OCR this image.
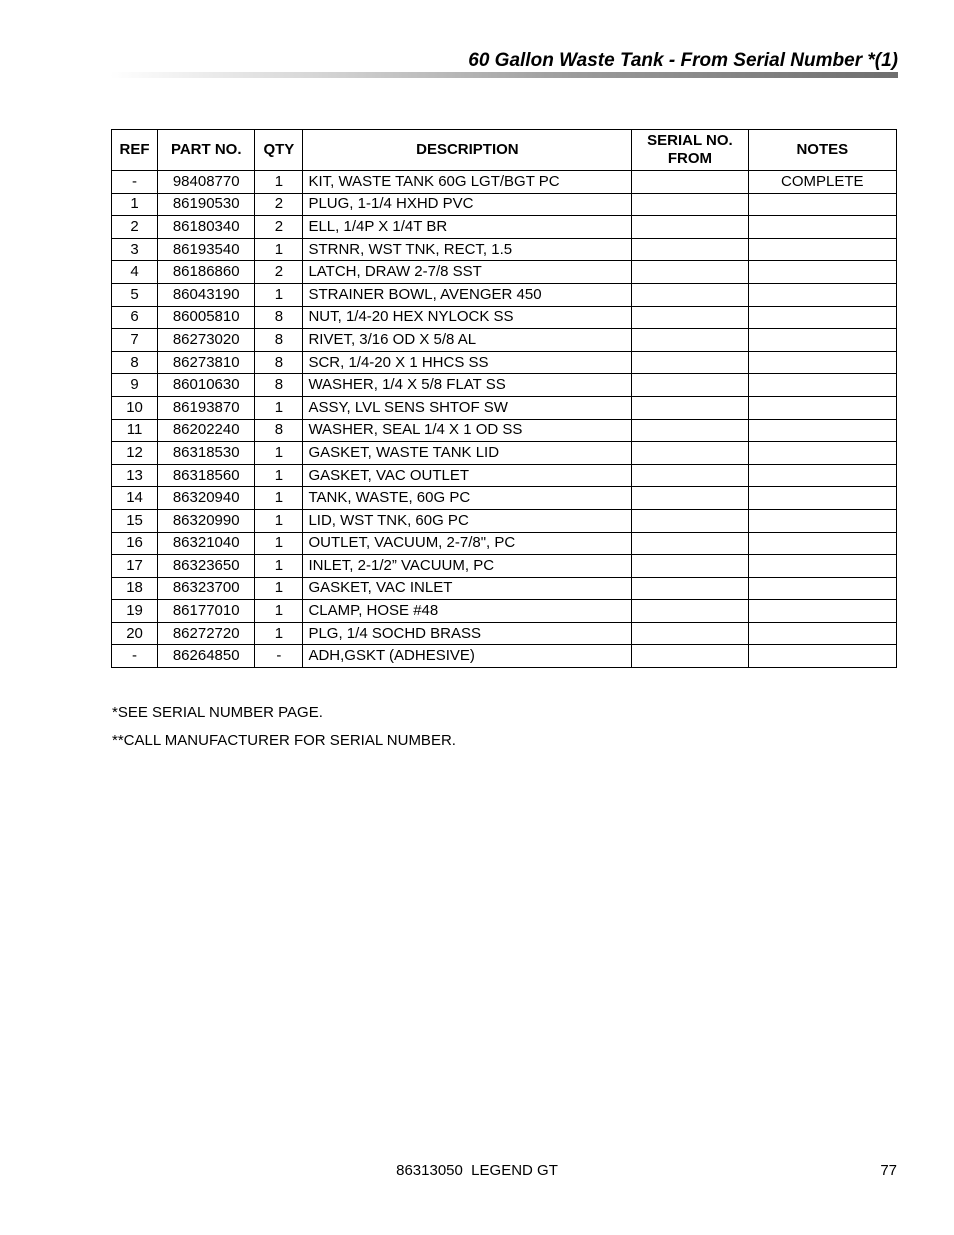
60 Gallon Waste Tank - From Serial Number *(1)
REF	PART NO.	QTY	DESCRIPTION	SERIAL NO. FROM	NOTES
-	98408770	1	KIT, WASTE TANK 60G LGT/BGT PC		COMPLETE
1	86190530	2	PLUG, 1-1/4 HXHD PVC		
2	86180340	2	ELL, 1/4P X 1/4T BR		
3	86193540	1	STRNR, WST TNK, RECT, 1.5		
4	86186860	2	LATCH, DRAW 2-7/8 SST		
5	86043190	1	STRAINER BOWL, AVENGER 450		
6	86005810	8	NUT, 1/4-20 HEX NYLOCK SS		
7	86273020	8	RIVET, 3/16 OD X 5/8 AL		
8	86273810	8	SCR, 1/4-20 X 1 HHCS SS		
9	86010630	8	WASHER, 1/4 X 5/8 FLAT SS		
10	86193870	1	ASSY, LVL SENS SHTOF SW		
11	86202240	8	WASHER, SEAL 1/4 X 1 OD SS		
12	86318530	1	GASKET, WASTE TANK LID		
13	86318560	1	GASKET, VAC OUTLET		
14	86320940	1	TANK, WASTE, 60G PC		
15	86320990	1	LID, WST TNK, 60G PC		
16	86321040	1	OUTLET, VACUUM, 2-7/8", PC		
17	86323650	1	INLET, 2-1/2” VACUUM, PC		
18	86323700	1	GASKET, VAC INLET		
19	86177010	1	CLAMP, HOSE #48		
20	86272720	1	PLG, 1/4 SOCHD BRASS		
-	86264850	-	ADH,GSKT (ADHESIVE)		
*SEE SERIAL NUMBER PAGE.
**CALL MANUFACTURER FOR SERIAL NUMBER.
86313050  LEGEND GT	77
